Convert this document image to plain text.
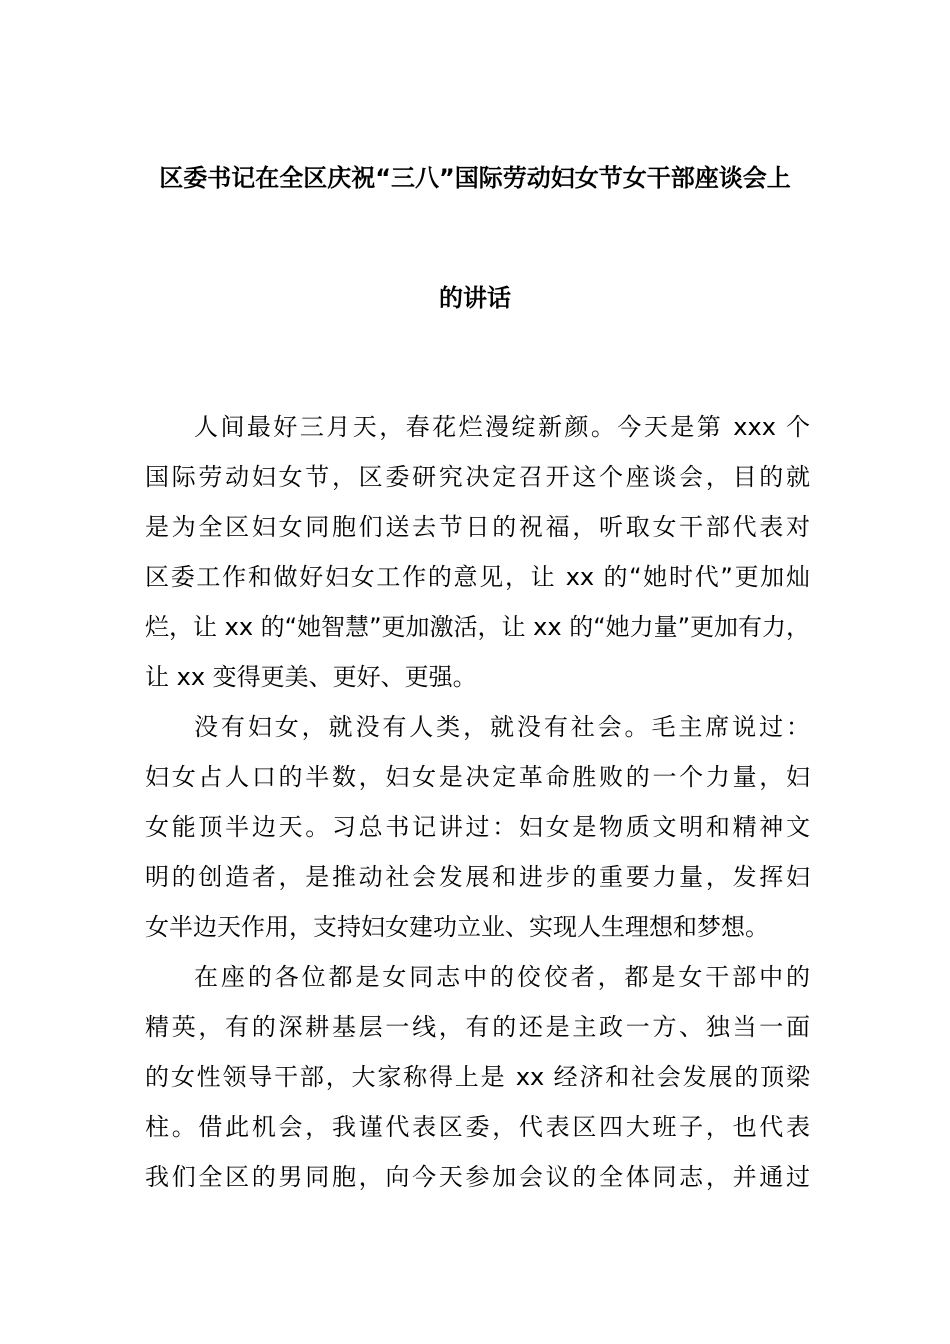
区委书记在全区庆祝“三八”国际劳动妇女节女干部座谈会上
的讲话
人间最好三月天，春花烂漫绽新颜。今天是第 xxx 个
国际劳动妇女节，区委研究决定召开这个座谈会，目的就
是为全区妇女同胞们送去节日的祝福，听取女干部代表对
区委工作和做好妇女工作的意见，让 xx 的“她时代”更加灿
烂，让 xx 的“她智慧”更加激活，让 xx 的“她力量”更加有力，
让 xx 变得更美、更好、更强。
没有妇女，就没有人类，就没有社会。毛主席说过：
妇女占人口的半数，妇女是决定革命胜败的一个力量，妇
女能顶半边天。习总书记讲过：妇女是物质文明和精神文
明的创造者，是推动社会发展和进步的重要力量，发挥妇
女半边天作用，支持妇女建功立业、实现人生理想和梦想。
在座的各位都是女同志中的佼佼者，都是女干部中的
精英，有的深耕基层一线，有的还是主政一方、独当一面
的女性领导干部，大家称得上是 xx 经济和社会发展的顶梁
柱。借此机会，我谨代表区委，代表区四大班子，也代表
我们全区的男同胞，向今天参加会议的全体同志，并通过
